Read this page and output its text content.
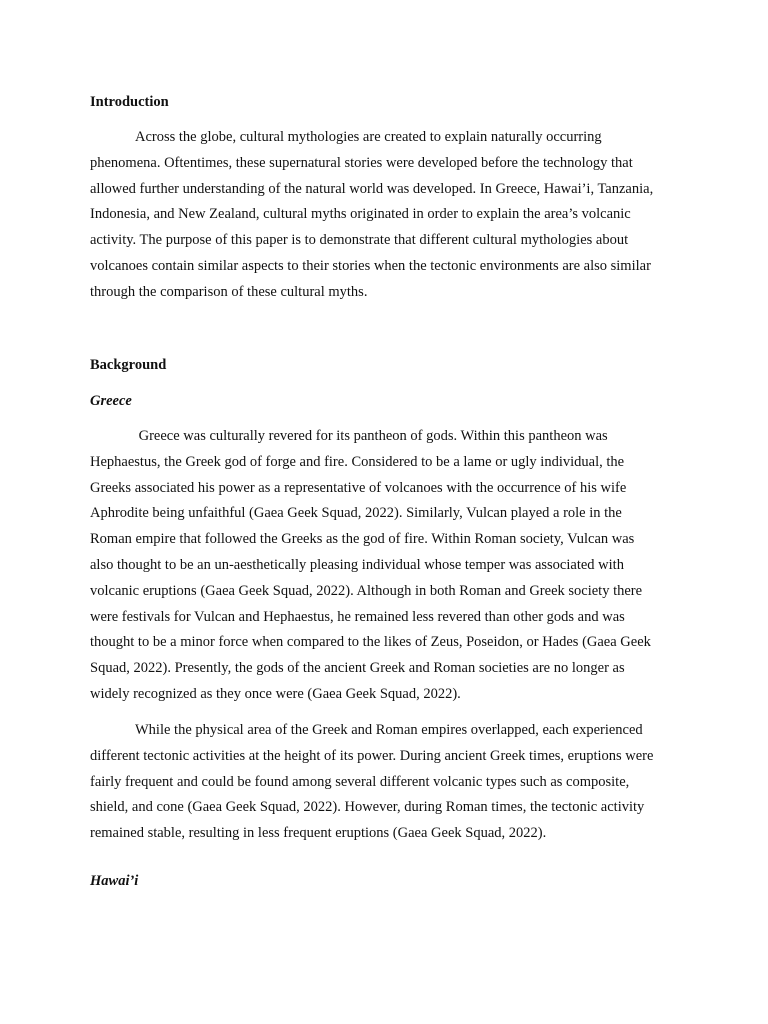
Introduction
Across the globe, cultural mythologies are created to explain naturally occurring
phenomena. Oftentimes, these supernatural stories were developed before the technology that
allowed further understanding of the natural world was developed. In Greece, Hawai’i, Tanzania,
Indonesia, and New Zealand, cultural myths originated in order to explain the area’s volcanic
activity. The purpose of this paper is to demonstrate that different cultural mythologies about
volcanoes contain similar aspects to their stories when the tectonic environments are also similar
through the comparison of these cultural myths.
Background
Greece
Greece was culturally revered for its pantheon of gods. Within this pantheon was
Hephaestus, the Greek god of forge and fire. Considered to be a lame or ugly individual, the
Greeks associated his power as a representative of volcanoes with the occurrence of his wife
Aphrodite being unfaithful (Gaea Geek Squad, 2022). Similarly, Vulcan played a role in the
Roman empire that followed the Greeks as the god of fire. Within Roman society, Vulcan was
also thought to be an un-aesthetically pleasing individual whose temper was associated with
volcanic eruptions (Gaea Geek Squad, 2022). Although in both Roman and Greek society there
were festivals for Vulcan and Hephaestus, he remained less revered than other gods and was
thought to be a minor force when compared to the likes of Zeus, Poseidon, or Hades (Gaea Geek
Squad, 2022). Presently, the gods of the ancient Greek and Roman societies are no longer as
widely recognized as they once were (Gaea Geek Squad, 2022).
While the physical area of the Greek and Roman empires overlapped, each experienced
different tectonic activities at the height of its power. During ancient Greek times, eruptions were
fairly frequent and could be found among several different volcanic types such as composite,
shield, and cone (Gaea Geek Squad, 2022). However, during Roman times, the tectonic activity
remained stable, resulting in less frequent eruptions (Gaea Geek Squad, 2022).
Hawai’i
